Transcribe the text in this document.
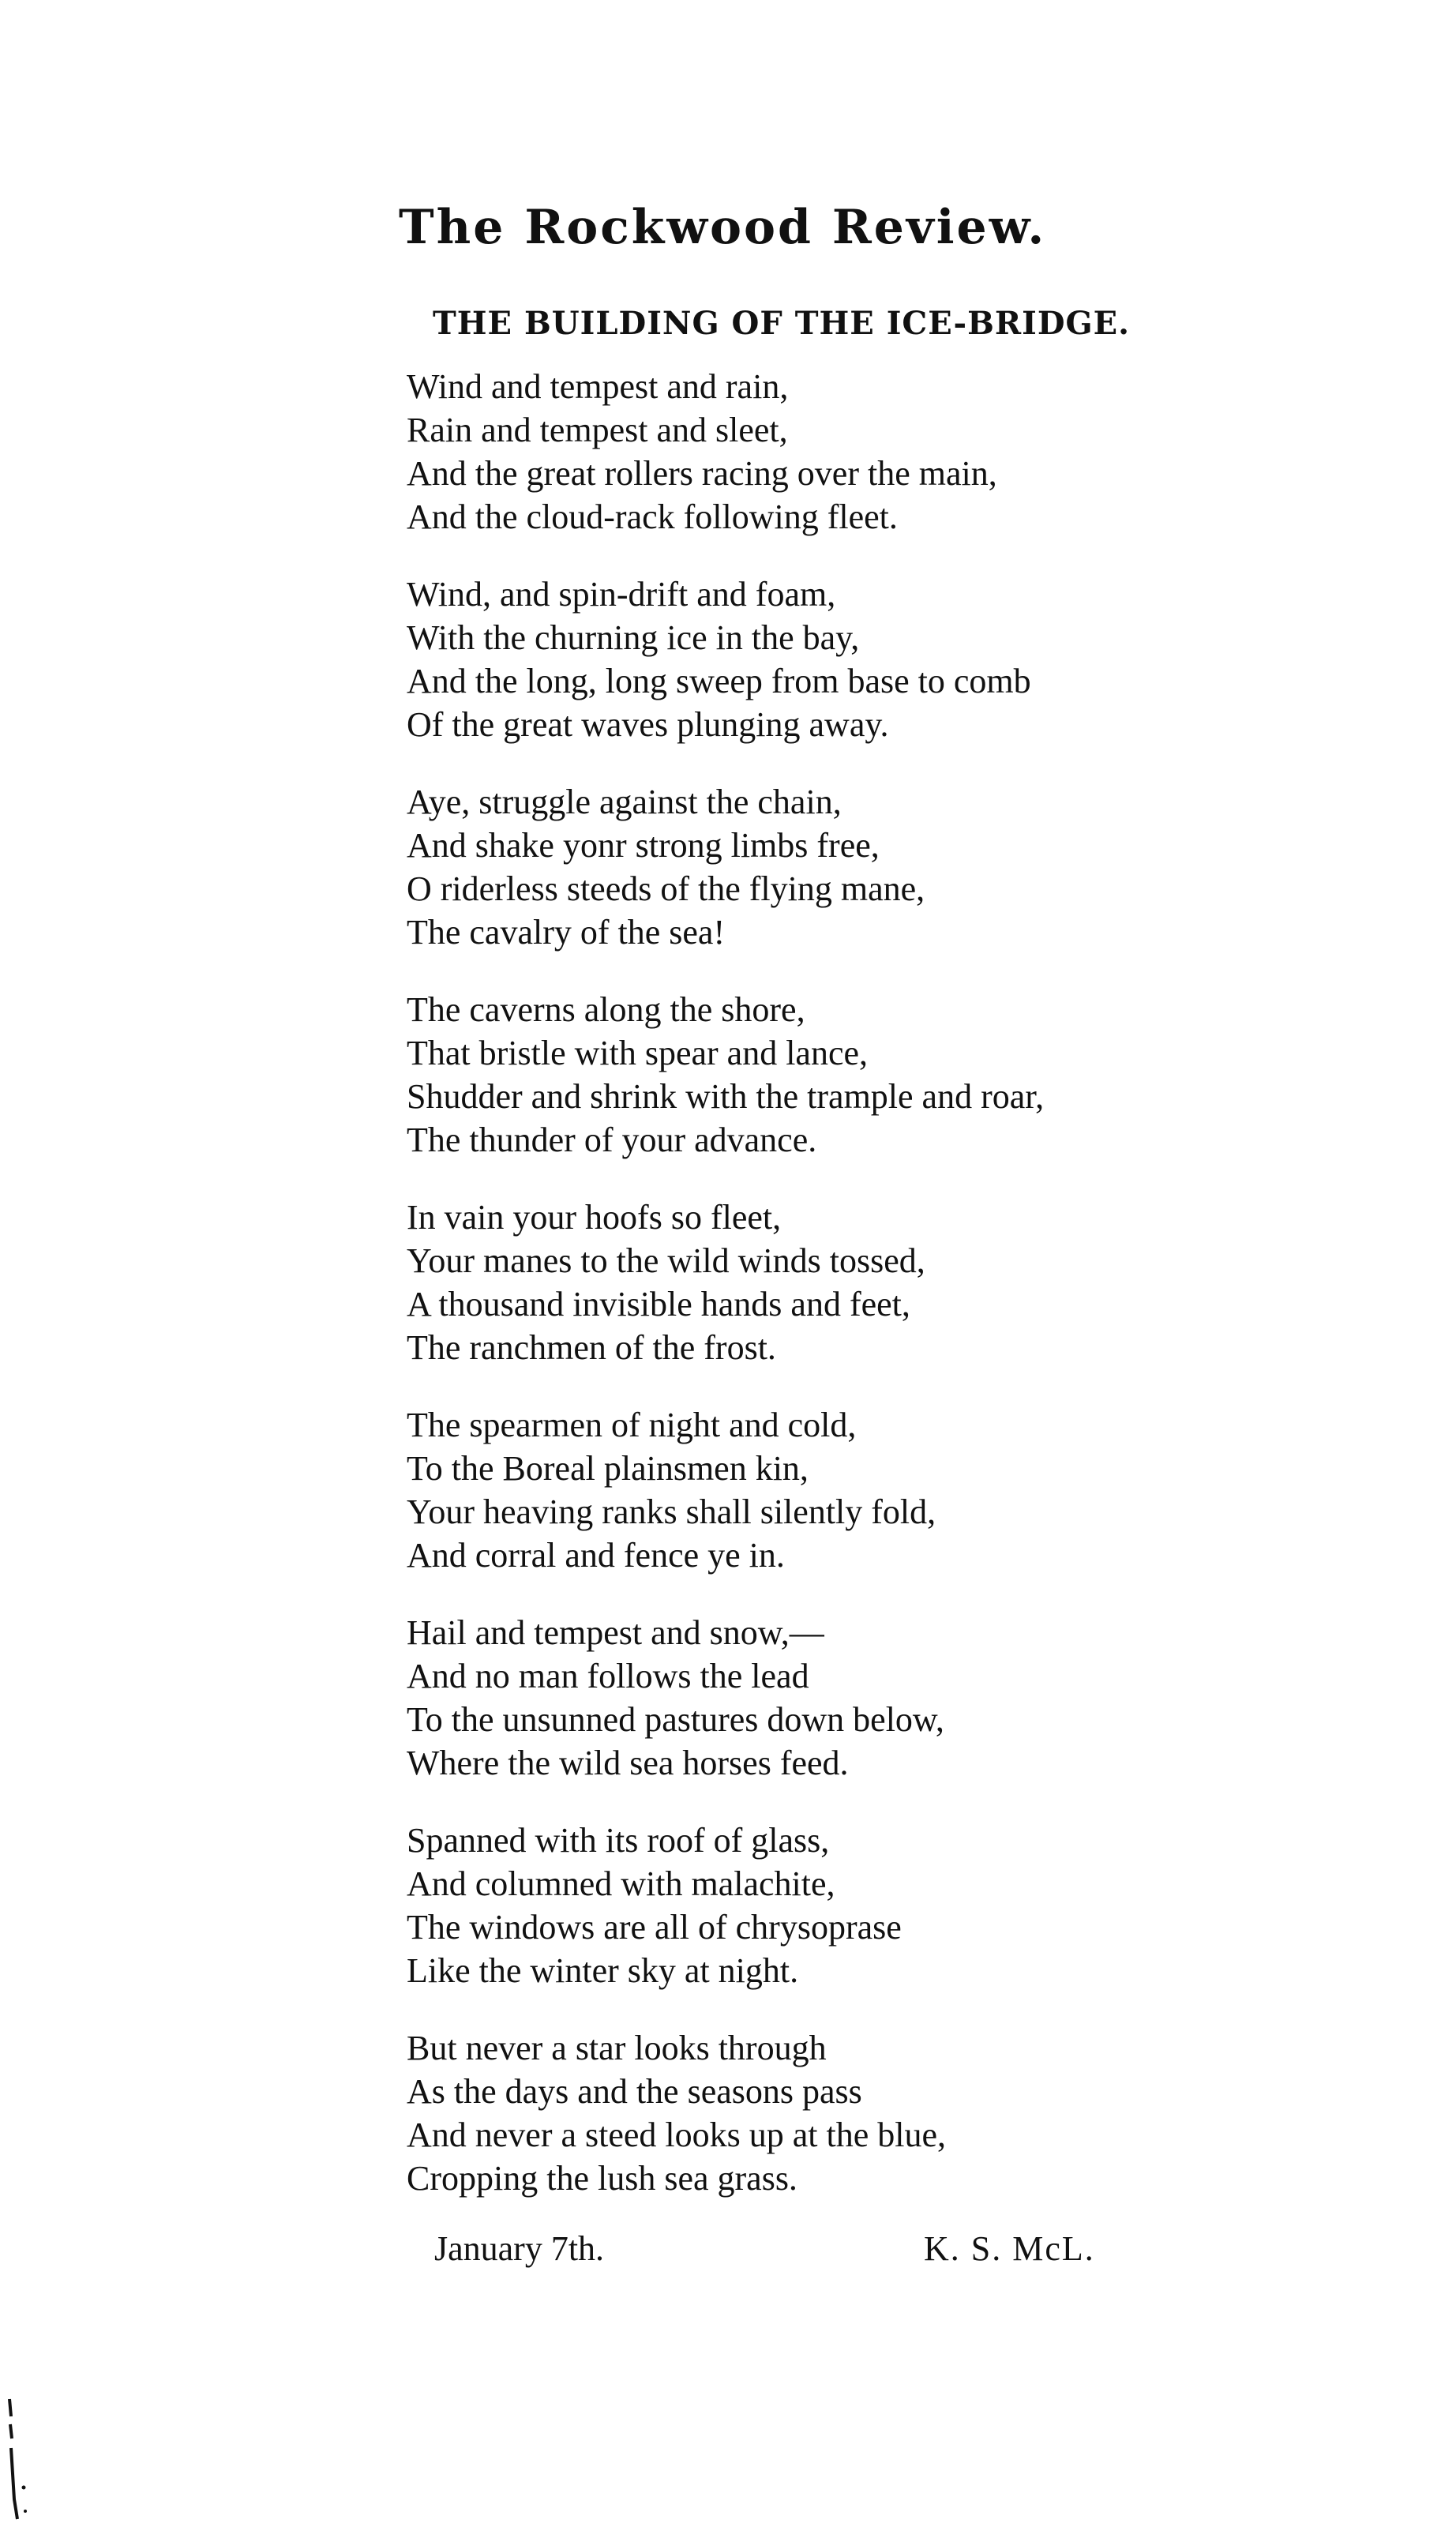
The Rockwood Review.
THE BUILDING OF THE ICE-BRIDGE.
Wind and tempest and rain,
Rain and tempest and sleet,
And the great rollers racing over the main,
And the cloud-rack following fleet.
Wind, and spin-drift and foam,
With the churning ice in the bay,
And the long, long sweep from base to comb
Of the great waves plunging away.
Aye, struggle against the chain,
And shake yonr strong limbs free,
O riderless steeds of the flying mane,
The cavalry of the sea!
The caverns along the shore,
That bristle with spear and lance,
Shudder and shrink with the trample and roar,
The thunder of your advance.
In vain your hoofs so fleet,
Your manes to the wild winds tossed,
A thousand invisible hands and feet,
The ranchmen of the frost.
The spearmen of night and cold,
To the Boreal plainsmen kin,
Your heaving ranks shall silently fold,
And corral and fence ye in.
Hail and tempest and snow,—
And no man follows the lead
To the unsunned pastures down below,
Where the wild sea horses feed.
Spanned with its roof of glass,
And columned with malachite,
The windows are all of chrysoprase
Like the winter sky at night.
But never a star looks through
As the days and the seasons pass
And never a steed looks up at the blue,
Cropping the lush sea grass.
January 7th.	K. S. McL.
